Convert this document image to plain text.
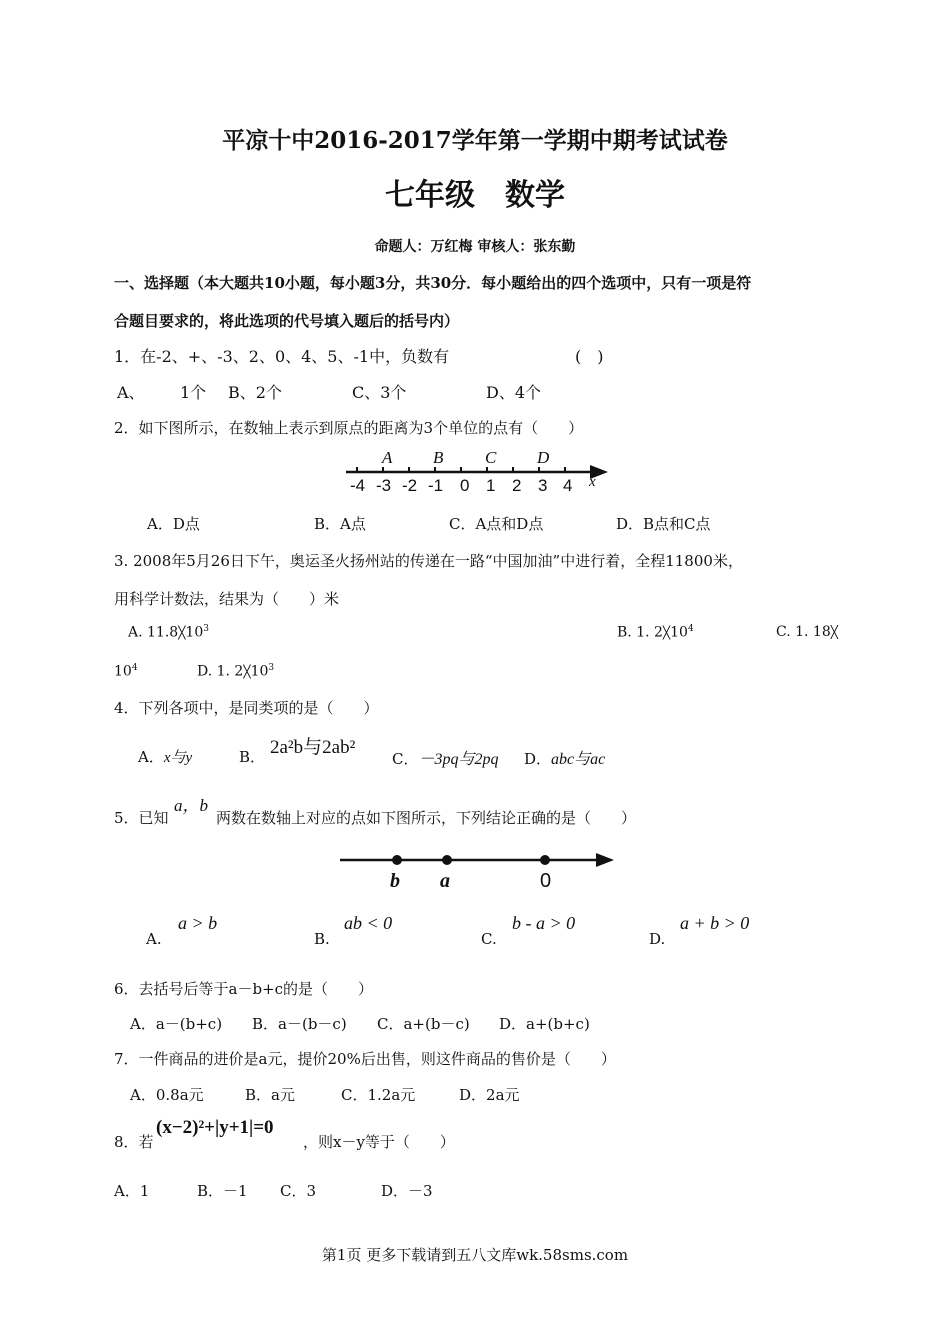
平凉十中2016-2017学年第一学期中期考试试卷
七年级　数学
命题人：万红梅 审核人：张东勤
一、选择题（本大题共10小题，每小题3分，共30分．每小题给出的四个选项中，只有一项是符
合题目要求的，将此选项的代号填入题后的括号内）
1．在-2、+、-3、2、0、4、5、-1中，负数有	(　)
A、 1个 B、2个	C、3个	D、4个
2．如下图所示，在数轴上表示到原点的距离为3个单位的点有（　　）
A B C D
-4 -3 -2 -1 0 1 2 3 4 x
A．D点	B．A点	C．A点和D点	D．B点和C点
3. 2008年5月26日下午，奥运圣火扬州站的传递在一路“中国加油”中进行着，全程11800米，
用科学计数法，结果为（　　）米
A. $11.8╳10^3$	B. 1. $2╳10^4$	C. 1. 18╳
$10^4$	D. 1. $2╳10^3$
4．下列各项中，是同类项的是（　　）
A．x与y	B． 2a²b与2ab²
C．－3pq与2pq D．abc与ac
5．已知
a，b
两数在数轴上对应的点如下图所示，下列结论正确的是（　　）
b a	0
A.
a > b
B.
ab < 0
C.
b - a > 0
D.
a + b > 0
6．去括号后等于a－b+c的是（　　）
A．a－(b+c) B．a－(b－c) C．a+(b－c) D．a+(b+c)
7．一件商品的进价是a元，提价20%后出售，则这件商品的售价是（　　）
A．0.8a元	B．a元	C．1.2a元	D．2a元
8．若
(x−2)²+|y+1|=0
，则x－y等于（　　）
A．1	B．－1 C．3	D．－3
第1页 更多下载请到五八文库wk.58sms.com
